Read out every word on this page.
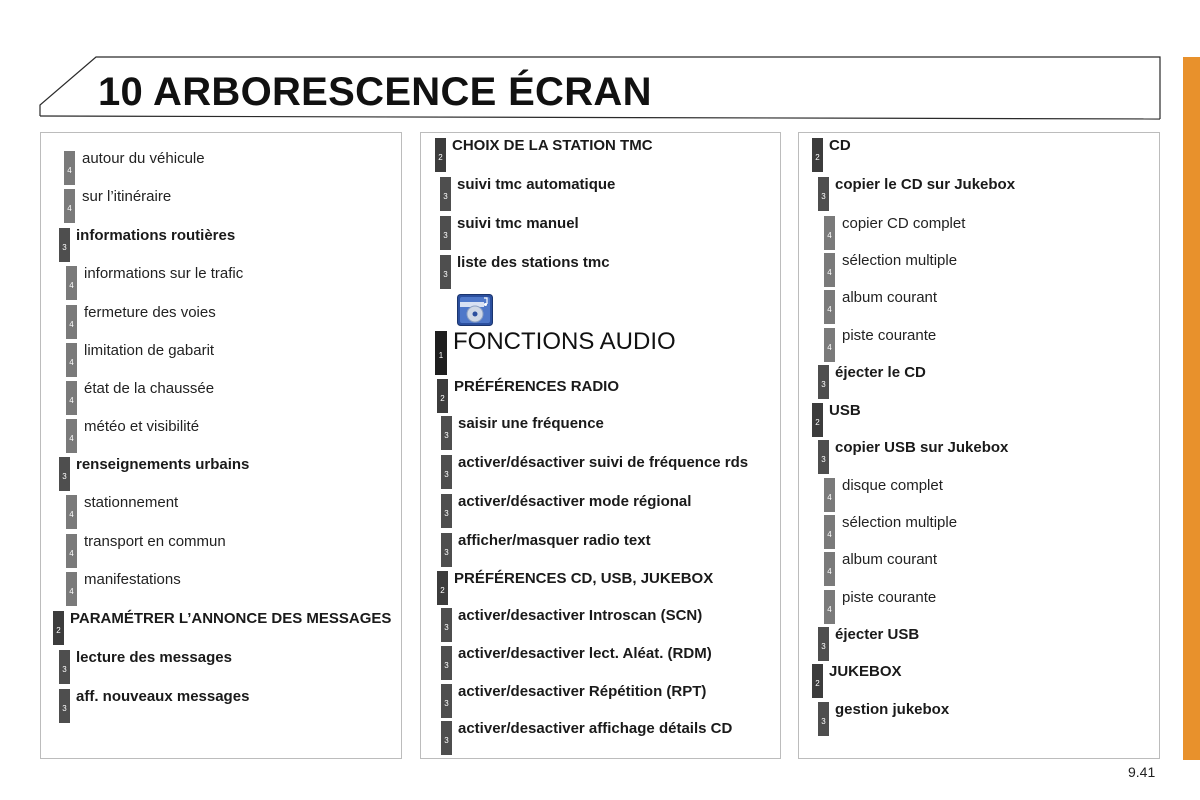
10 ARBORESCENCE ÉCRAN
9.41
4
autour du véhicule
4
sur l’itinéraire
3
informations routières
4
informations sur le trafic
4
fermeture des voies
4
limitation de gabarit
4
état de la chaussée
4
météo et visibilité
3
renseignements urbains
4
stationnement
4
transport en commun
4
manifestations
2
PARAMÉTRER L’ANNONCE DES MESSAGES
3
lecture des messages
3
aff. nouveaux messages
2
CHOIX DE LA STATION TMC
3
suivi tmc automatique
3
suivi tmc manuel
3
liste des stations tmc
1 FONCTIONS AUDIO
2
PRÉFÉRENCES RADIO
3
saisir une fréquence
3
activer/désactiver suivi de fréquence rds
3
activer/désactiver mode régional
3
afficher/masquer radio text
2
PRÉFÉRENCES CD, USB, JUKEBOX
3
activer/desactiver Introscan (SCN)
3
activer/desactiver lect. Aléat. (RDM)
3
activer/desactiver Répétition (RPT)
3
activer/desactiver affichage détails CD
2
CD
3
copier le CD sur Jukebox
4
copier CD complet
4
sélection multiple
4
album courant
4
piste courante
3
éjecter le CD
2
USB
3
copier USB sur Jukebox
4
disque complet
4
sélection multiple
4
album courant
4
piste courante
3
éjecter USB
2
JUKEBOX
3
gestion jukebox
